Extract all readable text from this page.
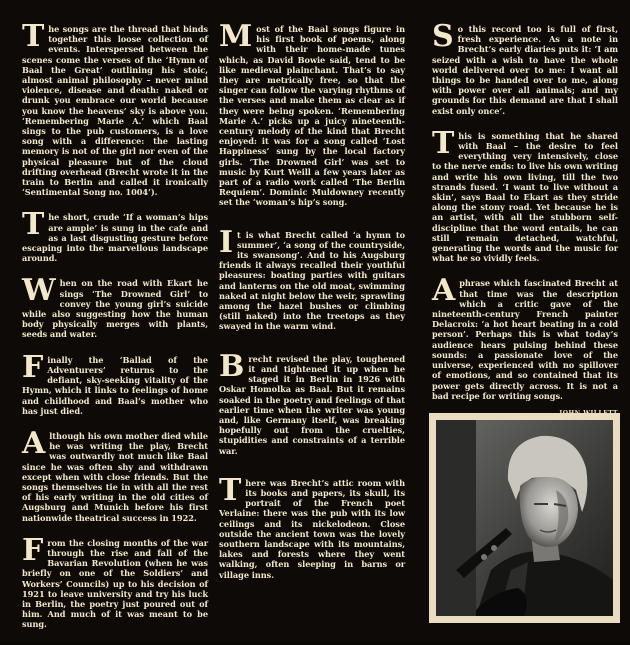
The songs are the thread that binds together this loose collection of events. Interspersed between the scenes come the verses of the ‘Hymn of Baal the Great’ outlining his stoic, almost animal philosophy – never mind violence, disease and death: naked or drunk you embrace our world because you know the heavens’ sky is above you. ‘Remembering Marie A.’ which Baal sings to the pub customers, is a love song with a difference: the lasting memory is not of the girl nor even of the physical pleasure but of the cloud drifting overhead (Brecht wrote it in the train to Berlin and called it ironically ‘Sentimental Song no. 1004’).

The short, crude ‘If a woman’s hips are ample’ is sung in the cafe and as a last disgusting gesture before escaping into the marvellous landscape around.

When on the road with Ekart he sings ‘The Drowned Girl’ to convey the young girl’s suicide while also suggesting how the human body physically merges with plants, seeds and water.

Finally the ‘Ballad of the Adventurers’ returns to the defiant, sky-seeking vitality of the Hymn, which it links to feelings of home and childhood and Baal’s mother who has just died.

Although his own mother died while he was writing the play, Brecht was outwardly not much like Baal since he was often shy and withdrawn except when with close friends. But the songs themselves tie in with all the rest of his early writing in the old cities of Augsburg and Munich before his first nationwide theatrical success in 1922.

From the closing months of the war through the rise and fall of the Bavarian Revolution (when he was briefly on one of the Soldiers’ and Workers’ Councils) up to his decision of 1921 to leave university and try his luck in Berlin, the poetry just poured out of him. And much of it was meant to be sung.

Most of the Baal songs figure in his first book of poems, along with their home-made tunes which, as David Bowie said, tend to be like medieval plainchant. That’s to say they are metrically free, so that the singer can follow the varying rhythms of the verses and make them as clear as if they were being spoken. ‘Remembering Marie A.’ picks up a juicy nineteenth-century melody of the kind that Brecht enjoyed: it was for a song called ‘Lost Happiness’ sung by the local factory girls. ‘The Drowned Girl’ was set to music by Kurt Weill a few years later as part of a radio work called ‘The Berlin Requiem’. Dominic Muldowney recently set the ‘woman’s hip’s song.

It is what Brecht called ‘a hymn to summer’, ‘a song of the countryside, its swansong’. And to his Augsburg friends it always recalled their youthful pleasures: boating parties with guitars and lanterns on the old moat, swimming naked at night below the weir, sprawling among the hazel bushes or climbing (still naked) into the treetops as they swayed in the warm wind.

Brecht revised the play, toughened it and tightened it up when he staged it in Berlin in 1926 with Oskar Homolka as Baal. But it remains soaked in the poetry and feelings of that earlier time when the writer was young and, like Germany itself, was breaking hopefully out from the cruelties, stupidities and constraints of a terrible war.

There was Brecht’s attic room with its books and papers, its skull, its portrait of the French poet Verlaine: there was the pub with its low ceilings and its nickelodeon. Close outside the ancient town was the lovely southern landscape with its mountains, lakes and forests where they went walking, often sleeping in barns or village inns.

So this record too is full of first, fresh experience. As a note in Brecht’s early diaries puts it: ‘I am seized with a wish to have the whole world delivered over to me: I want all things to be handed over to me, along with power over all animals; and my grounds for this demand are that I shall exist only once’.

This is something that he shared with Baal – the desire to feel everything very intensively, close to the nerve ends: to live his own writing and write his own living, till the two strands fused. ‘I want to live without a skin’, says Baal to Ekart as they stride along the stony road. Yet because he is an artist, with all the stubborn self-discipline that the word entails, he can still remain detached, watchful, generating the words and the music for what he so vividly feels.

A phrase which fascinated Brecht at that time was the description which a critic gave of the nineteenth-century French painter Delacroix: ‘a hot heart beating in a cold person’. Perhaps this is what today’s audience hears pulsing behind these sounds: a passionate love of the universe, experienced with no spillover of emotions, and so contained that its power gets directly across. It is not a bad recipe for writing songs.
